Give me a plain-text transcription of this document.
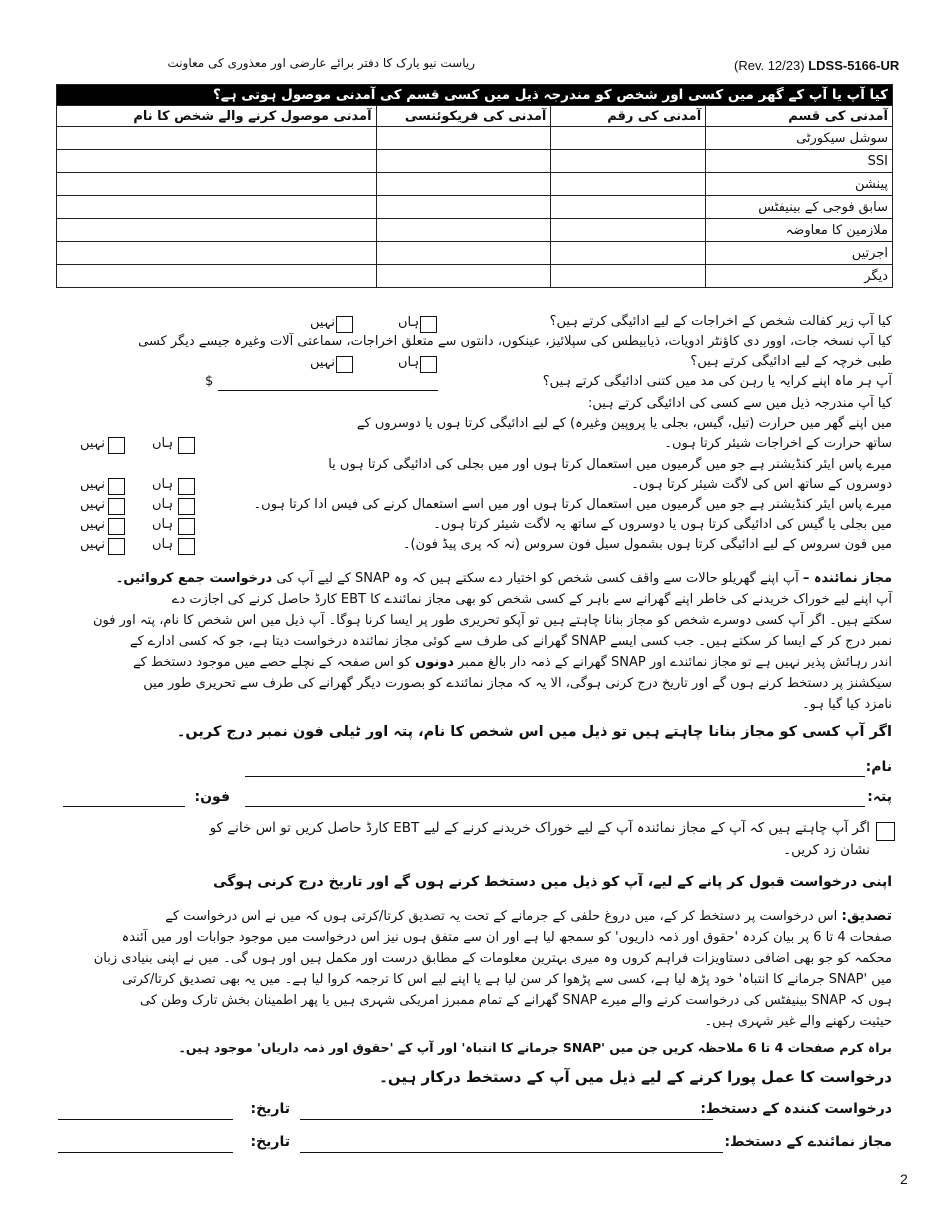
(Rev. 12/23) LDSS-5166-UR
ریاست نیو یارک کا دفتر برائے عارضی اور معذوری کی معاونت
کیا آپ یا آپ کے گھر میں کسی اور شخص کو مندرجہ ذیل میں کسی قسم کی آمدنی موصول ہوتی ہے؟			
آمدنی موصول کرنے والے شخص کا نام	آمدنی کی فریکوئنسی	آمدنی کی رقم	آمدنی کی قسم
			سوشل سیکورٹی
			SSI
			پینشن
			سابق فوجی کے بینیفٹس
			ملازمین کا معاوضہ
			اجرتیں
			دیگر
کیا آپ زیر کفالت شخص کے اخراجات کے لیے ادائیگی کرتے ہیں؟
ہاں
نہیں
کیا آپ نسخہ جات، اوور دی کاؤنٹر ادویات، ذیابیطس کی سپلائیز، عینکوں، دانتوں سے متعلق اخراجات، سماعتی آلات وغیرہ جیسے دیگر کسی
طبی خرچہ کے لیے ادائیگی کرتے ہیں؟
ہاں
نہیں
آپ ہر ماہ اپنے کرایہ یا رہن کی مد میں کتنی ادائیگی کرتے ہیں؟
$
کیا آپ مندرجہ ذیل میں سے کسی کی ادائیگی کرتے ہیں:
میں اپنے گھر میں حرارت (تیل، گیس، بجلی یا پروپین وغیرہ) کے لیے ادائیگی کرتا ہوں یا دوسروں کے
ساتھ حرارت کے اخراجات شیئر کرتا ہوں۔
ہاں
نہیں
میرے پاس ایئر کنڈیشنر ہے جو میں گرمیوں میں استعمال کرتا ہوں اور میں بجلی کی ادائیگی کرتا ہوں یا
دوسروں کے ساتھ اس کی لاگت شیئر کرتا ہوں۔
ہاں
نہیں
میرے پاس ایئر کنڈیشنر ہے جو میں گرمیوں میں استعمال کرتا ہوں اور میں اسے استعمال کرنے کی فیس ادا کرتا ہوں۔
ہاں
نہیں
میں بجلی یا گیس کی ادائیگی کرتا ہوں یا دوسروں کے ساتھ یہ لاگت شیئر کرتا ہوں۔
ہاں
نہیں
میں فون سروس کے لیے ادائیگی کرتا ہوں بشمول سیل فون سروس (نہ کہ پری پیڈ فون)۔
ہاں
نہیں
مجاز نمائندہ – آپ اپنے گھریلو حالات سے واقف کسی شخص کو اختیار دے سکتے ہیں کہ وہ SNAP کے لیے آپ کی درخواست جمع کروائیں۔
آپ اپنے لیے خوراک خریدنے کی خاطر اپنے گھرانے سے باہر کے کسی شخص کو بھی مجاز نمائندے کا EBT کارڈ حاصل کرنے کی اجازت دے
سکتے ہیں۔ اگر آپ کسی دوسرے شخص کو مجاز بنانا چاہتے ہیں تو آپکو تحریری طور پر ایسا کرنا ہوگا۔ آپ ذیل میں اس شخص کا نام، پتہ اور فون
نمبر درج کر کے ایسا کر سکتے ہیں۔ جب کسی ایسے SNAP گھرانے کی طرف سے کوئی مجاز نمائندہ درخواست دیتا ہے، جو کہ کسی ادارے کے
اندر رہائش پذیر نہیں ہے تو مجاز نمائندے اور SNAP گھرانے کے ذمہ دار بالغ ممبر دونوں کو اس صفحہ کے نچلے حصے میں موجود دستخط کے
سیکشنز پر دستخط کرنے ہوں گے اور تاریخ درج کرنی ہوگی، الا یہ کہ مجاز نمائندے کو بصورت دیگر گھرانے کی طرف سے تحریری طور میں
نامزد کیا گیا ہو۔
اگر آپ کسی کو مجاز بنانا چاہتے ہیں تو ذیل میں اس شخص کا نام، پتہ اور ٹیلی فون نمبر درج کریں۔
نام:
پتہ:
فون:
اگر آپ چاہتے ہیں کہ آپ کے مجاز نمائندہ آپ کے لیے خوراک خریدنے کرنے کے لیے EBT کارڈ حاصل کریں تو اس خانے کو
نشان زد کریں۔
اپنی درخواست قبول کر پانے کے لیے، آپ کو ذیل میں دستخط کرنے ہوں گے اور تاریخ درج کرنی ہوگی
تصدیق: اس درخواست پر دستخط کر کے، میں دروغ حلفی کے جرمانے کے تحت یہ تصدیق کرتا/کرتی ہوں کہ میں نے اس درخواست کے
صفحات 4 تا 6 پر بیان کردہ 'حقوق اور ذمہ داریوں' کو سمجھ لیا ہے اور ان سے متفق ہوں نیز اس درخواست میں موجود جوابات اور میں آئندہ
محکمہ کو جو بھی اضافی دستاویزات فراہم کروں وہ میری بہترین معلومات کے مطابق درست اور مکمل ہیں اور ہوں گی۔ میں نے اپنی بنیادی زبان
میں 'SNAP جرمانے کا انتباہ' خود پڑھ لیا ہے، کسی سے پڑھوا کر سن لیا ہے یا اپنے لیے اس کا ترجمہ کروا لیا ہے۔ میں یہ بھی تصدیق کرتا/کرتی
ہوں کہ SNAP بینیفٹس کی درخواست کرنے والے میرے SNAP گھرانے کے تمام ممبرز امریکی شہری ہیں یا پھر اطمینان بخش تارک وطن کی
حیثیت رکھنے والے غیر شہری ہیں۔
براہ کرم صفحات 4 تا 6 ملاحظہ کریں جن میں 'SNAP جرمانے کا انتباہ' اور آپ کے 'حقوق اور ذمہ داریاں' موجود ہیں۔
درخواست کا عمل پورا کرنے کے لیے ذیل میں آپ کے دستخط درکار ہیں۔
درخواست کنندہ کے دستخط:
تاریخ:
مجاز نمائندے کے دستخط:
تاریخ:
2
